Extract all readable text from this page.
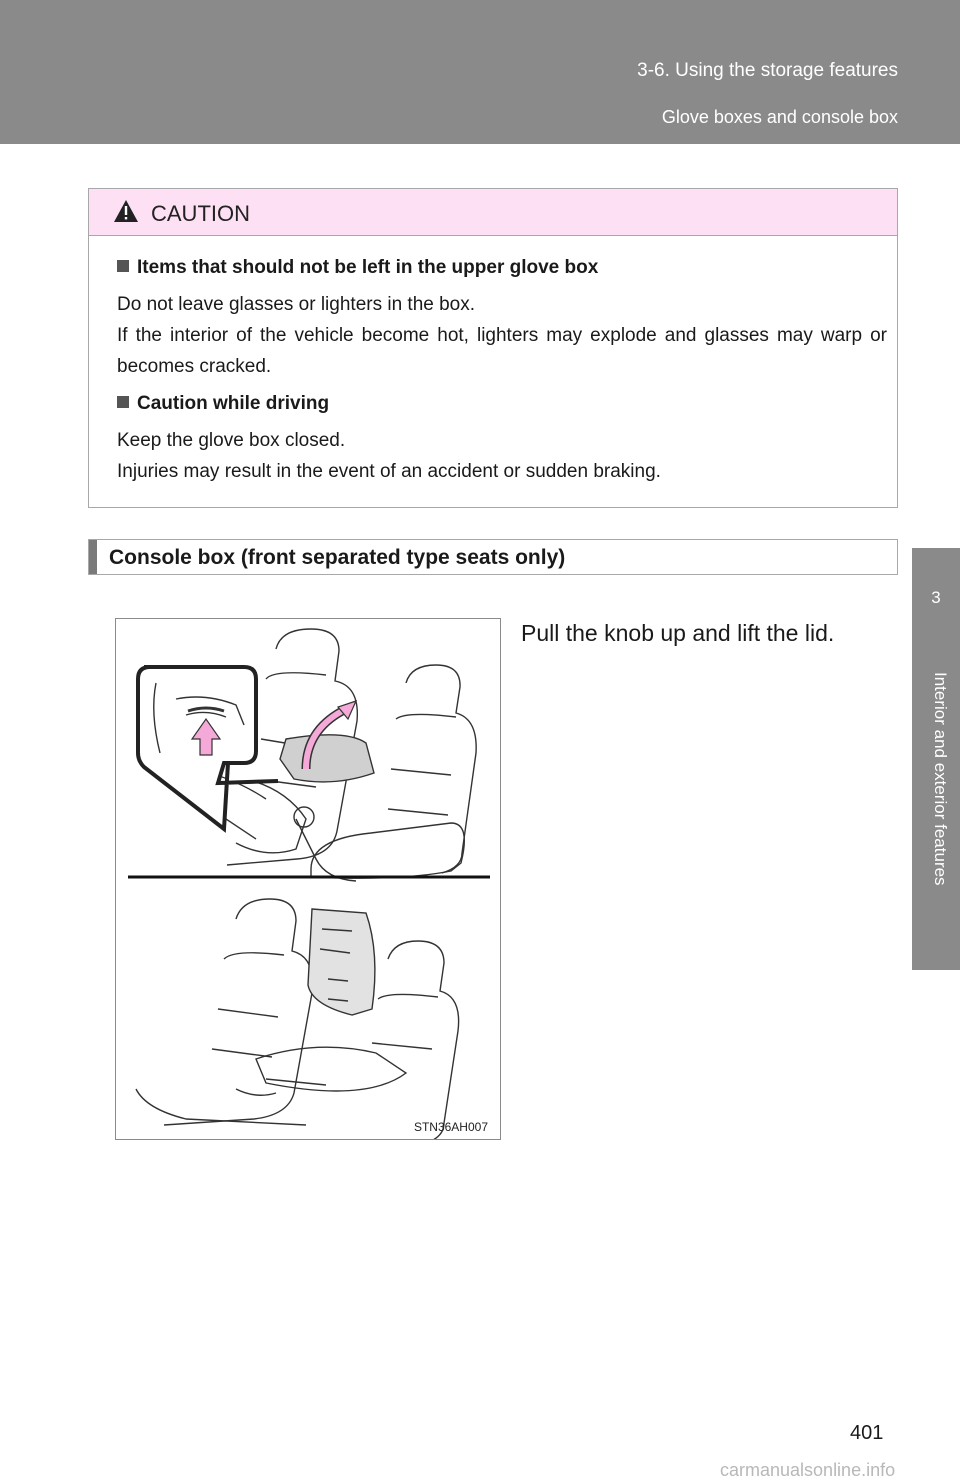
3-6. Using the storage features
Glove boxes and console box
3
Interior and exterior features
CAUTION
Items that should not be left in the upper glove box
Do not leave glasses or lighters in the box.
If the interior of the vehicle become hot, lighters may explode and glasses may warp or becomes cracked.
Caution while driving
Keep the glove box closed.
Injuries may result in the event of an accident or sudden braking.
Console box (front separated type seats only)
STN36AH007
Pull the knob up and lift the lid.
401
carmanualsonline.info
